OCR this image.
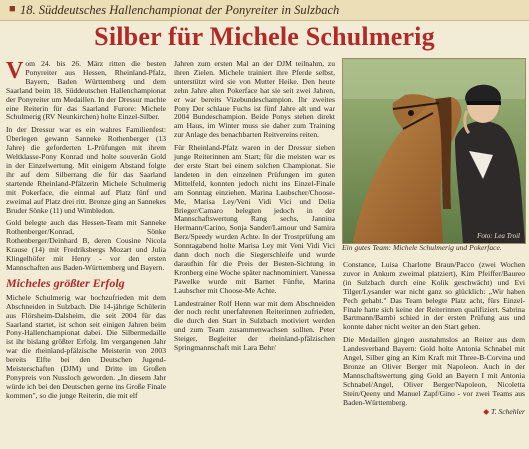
■ 18. Süddeutsches Hallenchampionat der Ponyreiter in Sulzbach
Silber für Michele Schulmerig

Vom 24. bis 26. März ritten die besten Ponyreiter aus Hessen, Rheinland-Pfalz, Bayern, Baden Württemberg und dem Saarland beim 18. Süddeutschen Hallenchampionat der Ponyreiter um Medaillen. In der Dressur machte eine Reiterin für das Saarland Furore: Michele Schulmerig (RV Neunkirchen) holte Einzel-Silber.

In der Dressur war es ein wahres Familienfest: Überlegen gewann Sanneke Rothenberger (13 Jahre) die geforderten L-Prüfungen mit ihrem Weltklasse-Pony Konrad und holte souverän Gold in der Einzelwertung. Mit einigem Abstand folgte ihr auf dem Silberrang die für das Saarland startende Rheinland-Pfälzerin Michele Schulmerig mit Pokerface, die einmal auf Platz fünf und zweimal auf Platz drei ritt. Bronze ging an Sannekes Bruder Sönke (11) und Wimbledon.

Gold belegte auch das Hessen-Team mit Sanneke Rothenberger/Konrad, Sönke Rothenberger/Deinhard B, deren Cousine Nicola Krause (14) mit Fredriksbergs Mozart und Julia Klingelhöfer mit Henry - vor den ersten Mannschaften aus Baden-Württemberg und Bayern.

Micheles größter Erfolg

Michele Schulmerig war hochzufrieden mit dem Abschneiden in Sulzbach. Die 14-jährige Schülerin aus Flörsheim-Dalsheim, die seit 2004 für das Saarland startet, ist schon seit einigen Jahren beim Pony-Hallenchampionat dabei. Die Silbermedaille ist ihr bislang größter Erfolg. Im vergangenen Jahr war die rheinland-pfälzische Meisterin von 2003 bereits Elfte bei den Deutschen Jugend-Meisterschaften (DJM) und Dritte im Großen Ponypreis von Nussloch geworden. „In diesem Jahr würde ich bei den Deutschen gerne ins Große Finale kommen", so die junge Reiterin, die mit elf

Jahren zum ersten Mal an der DJM teilnahm, zu ihren Zielen. Michele trainiert ihre Pferde selbst, unterstützt wird sie von Mutter Heike. Den heute zehn Jahre alten Pokerface hat sie seit zwei Jahren, er war bereits Vizebundeschampion. Ihr zweites Pony Der schlaue Fuchs ist fünf Jahre alt und war 2004 Bundeschampion. Beide Ponys stehen direkt am Haus, im Winter muss sie daher zum Training zur Anlage des benachbarten Reitvereins reiten.

Für Rheinland-Pfalz waren in der Dressur sieben junge Reiterinnen am Start; für die meisten war es der erste Start bei einem solchen Championat. Sie landeten in den einzelnen Prüfungen im guten Mittelfeld, konnten jedoch nicht ins Einzel-Finale am Sonntag einziehen. Marina Laubscher/Choose-Me, Marisa Ley/Veni Vidi Vici und Delia Brieger/Camaro belegten jedoch in der Mannschaftswertung Rang sechs, Jannina Hermann/Carino, Sonja Sander/Lamour und Samira Berz/Speedy wurden Achte. In der Trostprüfung am Sonntagabend holte Marisa Ley mit Veni Vidi Vici dann doch noch die Siegerschleife und wurde daraufhin für die Preis der Besten-Sichtung in Kronberg eine Woche später nachnominiert. Vanessa Pawelke wurde mit Barnet Fünfte, Marina Laubscher mit Choose-Me Achte.

Landestrainer Rolf Henn war mit dem Abschneiden der noch recht unerfahrenen Reiterinnen zufrieden, die durch den Start in Sulzbach motiviert werden und zum Team zusammenwachsen sollten. Peter Steiger, Begleiter der rheinland-pfälzischen Springmannschaft mit Lara Behr/

Foto: Lea Troil
Ein gutes Team: Michele Schulmerig und Pokerface.

Constance, Luisa Charlotte Braun/Pacco (zwei Wochen zuvor in Ankum zweimal platziert), Kim Pfeiffer/Baureo (in Sulzbach durch eine Kolik geschwächt) und Evi Tilger/Lysander war nicht ganz so glücklich: „Wir haben Pech gehabt." Das Team belegte Platz acht, fürs Einzel-Finale hatte sich keine der Reiterinnen qualifiziert. Sabrina Bartmann/Bambi schied in der ersten Prüfung aus und konnte daher nicht weiter an den Start gehen.

Die Medaillen gingen ausnahmslos an Reiter aus dem Landesverband Bayern: Gold holte Antonia Schnabel mit Angel, Silber ging an Kim Kraft mit Three-B-Corvina und Bronze an Oliver Berger mit Napoleon. Auch in der Mannschaftswertung ging Gold an Bayern I mit Antonia Schnabel/Angel, Oliver Berger/Napoleon, Nicoletta Stein/Qeeny und Manuel Zapf/Gino - vor zwei Teams aus Baden-Württemberg.

◆ T. Schehler
